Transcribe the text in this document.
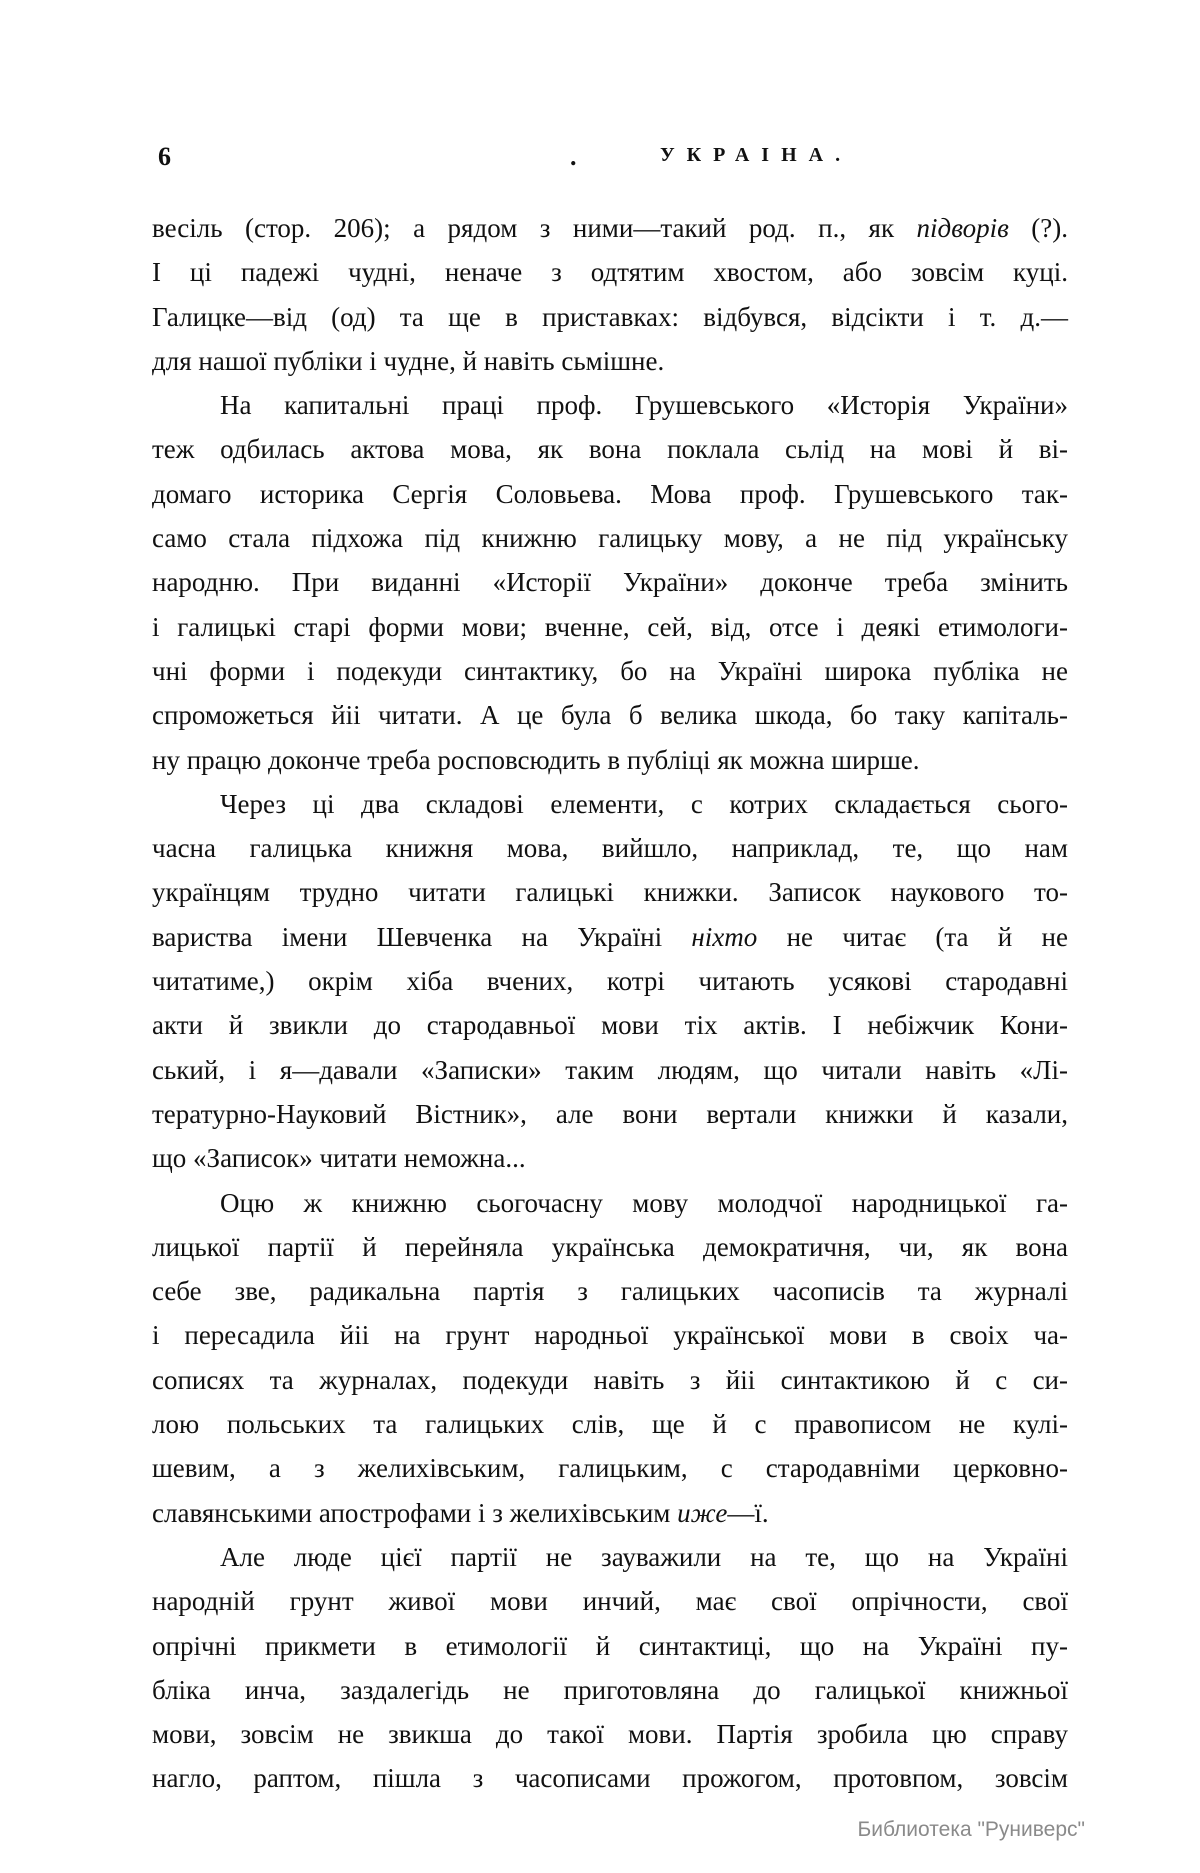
6	.	УКРАІНА.
весіль (стор. 206); а рядом з ними—такий род. п., як підворів (?).
І ці падежі чудні, неначе з одтятим хвостом, або зовсім куці.
Галицке—від (од) та ще в приставках: відбувся, відсікти і т. д.—
для нашої публіки і чудне, й навіть сьмішне.
На капитальні праці проф. Грушевського «Исторія України»
теж одбилась актова мова, як вона поклала сьлід на мові й ві-
домаго историка Сергія Соловьева. Мова проф. Грушевського так-
само стала підхожа під книжню галицьку мову, а не під українську
народню. При виданні «Исторії України» доконче треба змінить
і галицькі старі форми мови; вченне, сей, від, отсе і деякі етимологи-
чні форми і подекуди синтактику, бо на Україні широка публіка не
спроможеться йіі читати. А це була б велика шкода, бо таку капіталь-
ну працю доконче треба росповсюдить в публіці як можна ширше.
Через ці два складові елементи, с котрих складається сього-
часна галицька книжня мова, вийшло, наприклад, те, що нам
українцям трудно читати галицькі книжки. Записок наукового то-
вариства імени Шевченка на Україні ніхто не читає (та й не
читатиме,) окрім хіба вчених, котрі читають усякові стародавні
акти й звикли до стародавньої мови тіх актів. І небіжчик Кони-
ський, і я—давали «Записки» таким людям, що читали навіть «Лі-
тературно-Науковий Вістник», але вони вертали книжки й казали,
що «Записок» читати неможна...
Оцю ж книжню сьогочасну мову молодчої народницької га-
лицької партії й перейняла українська демократичня, чи, як вона
себе зве, радикальна партія з галицьких часописів та журналі
і пересадила йіі на грунт народньої української мови в своіх ча-
сописях та журналах, подекуди навіть з йіі синтактикою й с си-
лою польських та галицьких слів, ще й с правописом не кулі-
шевим, а з желихівським, галицьким, с стародавніми церковно-
славянськими апострофами і з желихівським иже—ї.
Але люде цієї партії не зауважили на те, що на Україні
народній грунт живої мови инчий, має свої опрічности, свої
опрічні прикмети в етимології й синтактиці, що на Україні пу-
бліка инча, заздалегідь не приготовляна до галицької книжньої
мови, зовсім не звикша до такої мови. Партія зробила цю справу
нагло, раптом, пішла з часописами прожогом, протовпом, зовсім
Библиотека "Руниверс"
